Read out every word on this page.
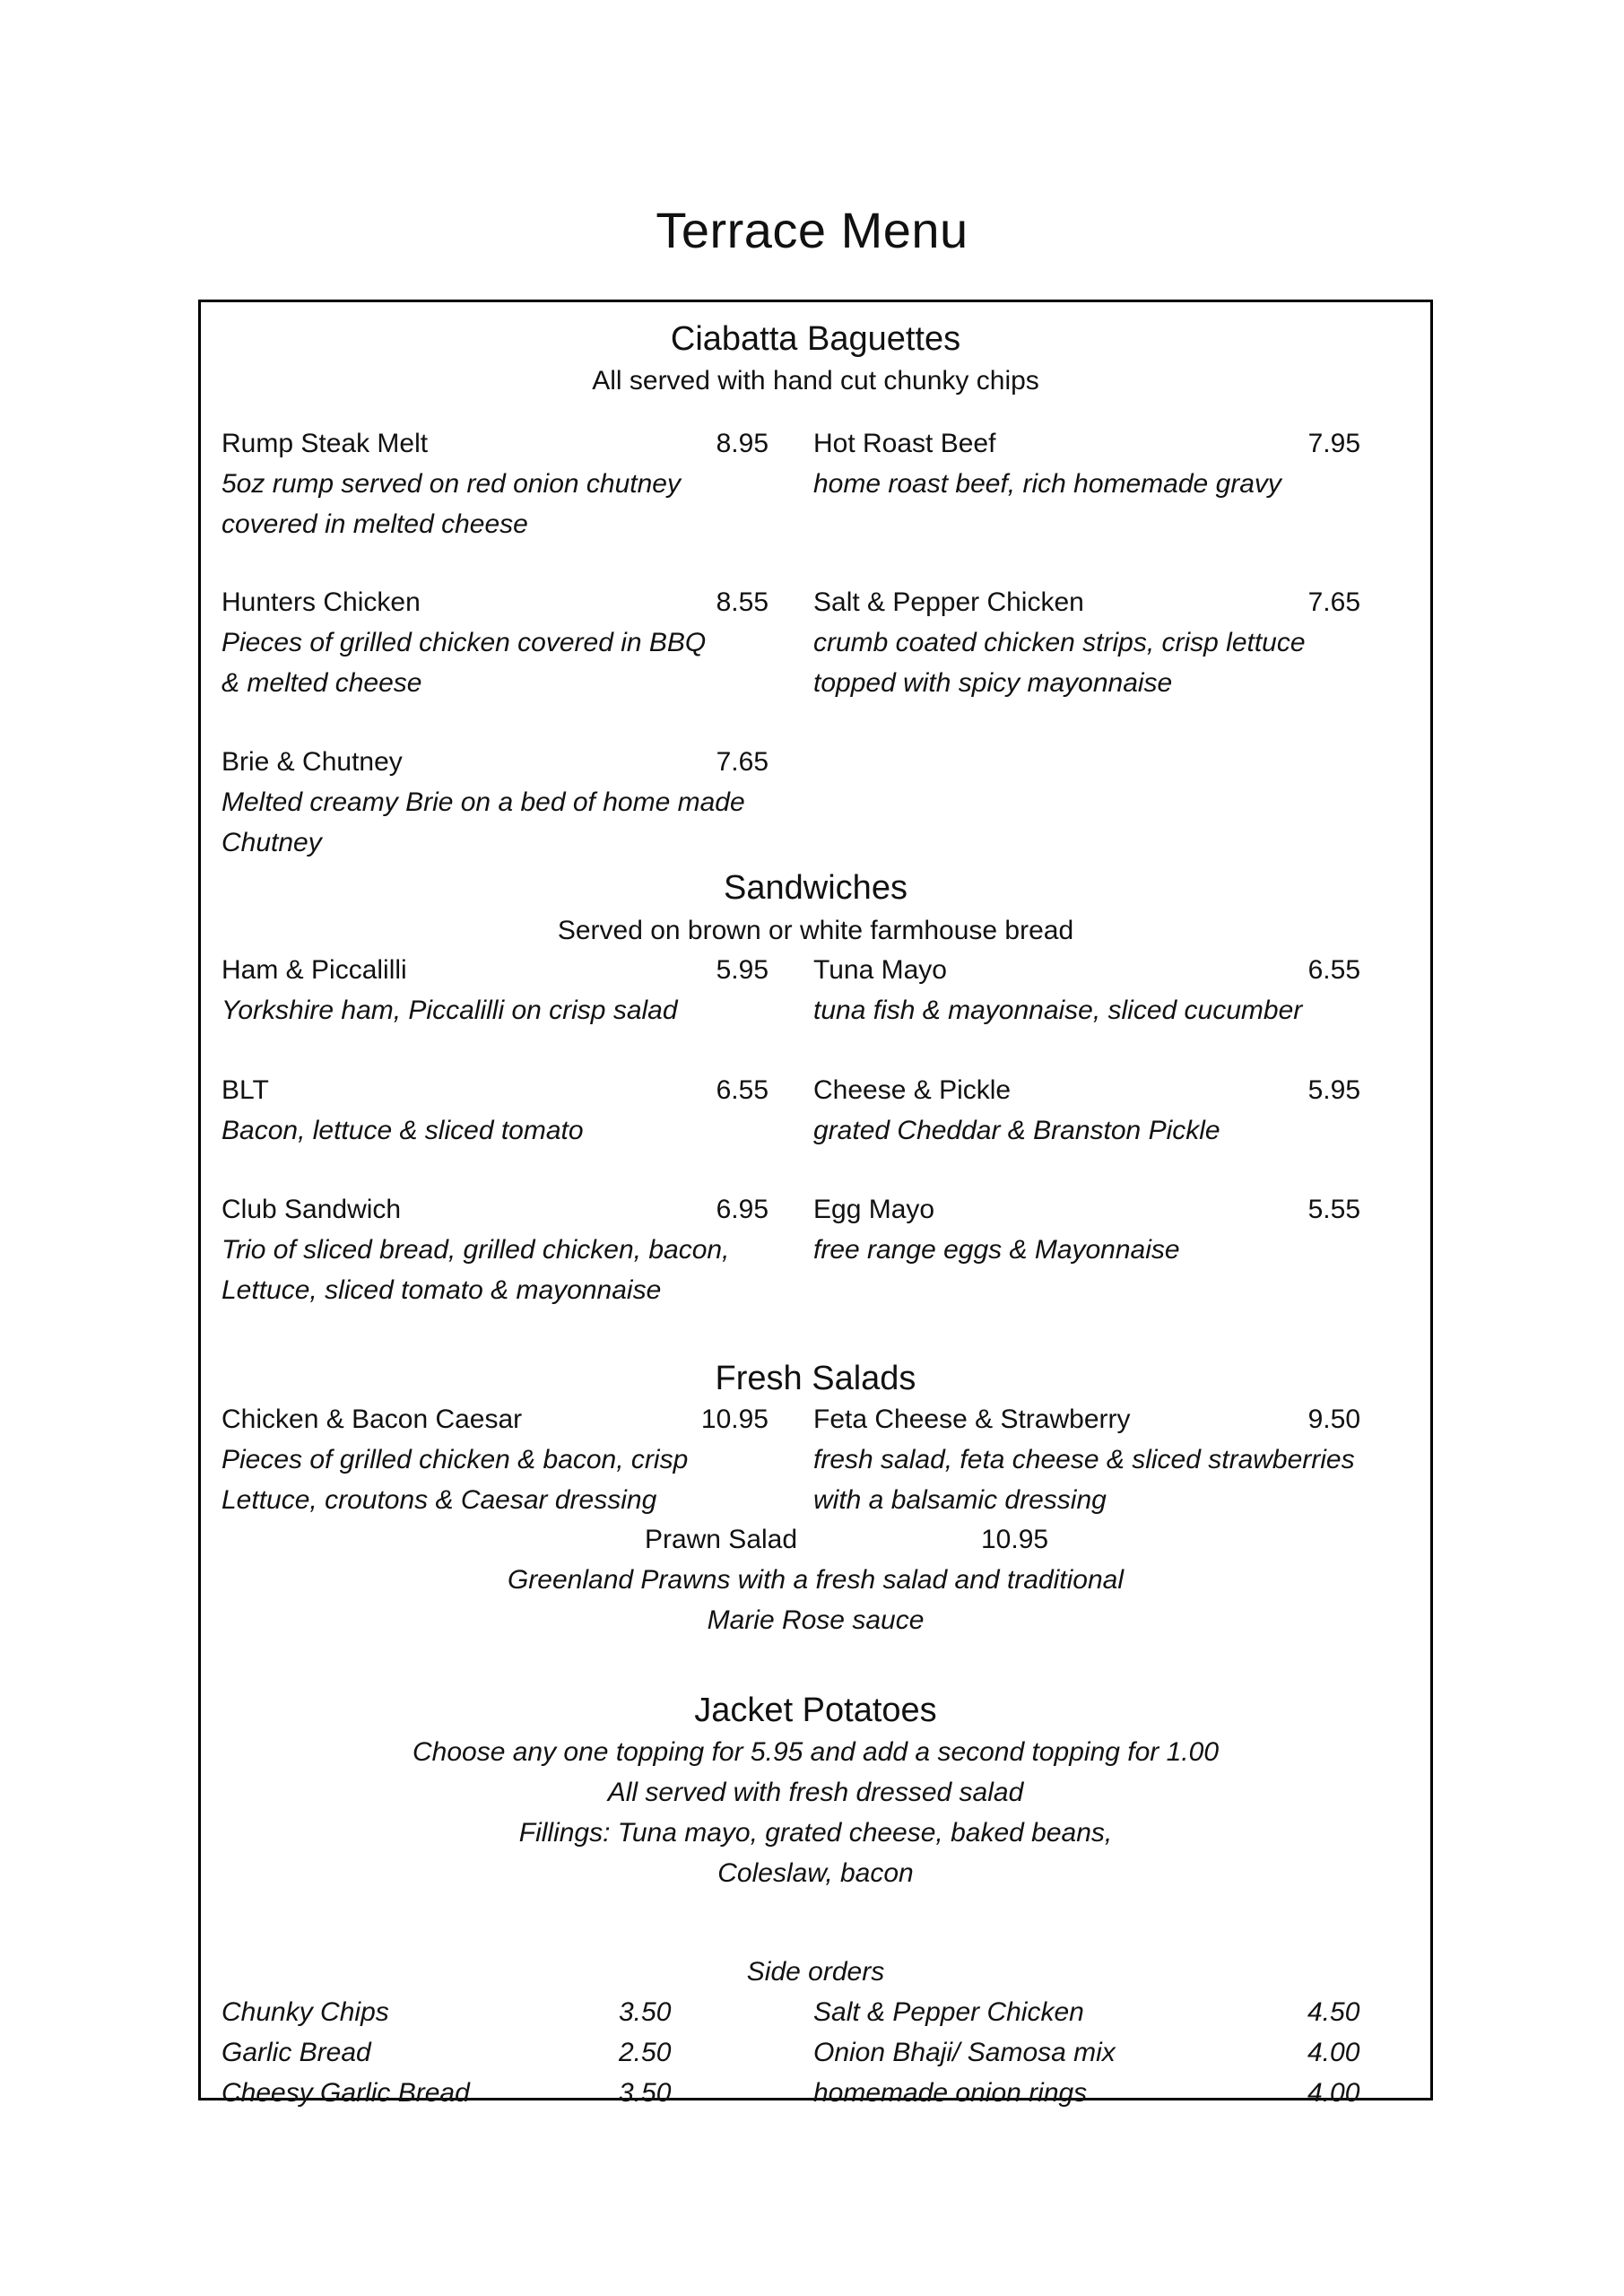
Terrace Menu
Ciabatta Baguettes
All served with hand cut chunky chips
Rump Steak Melt	8.95
5oz rump served on red onion chutney
covered in melted cheese
Hot Roast Beef	7.95
home roast beef, rich homemade gravy
Hunters Chicken	8.55
Pieces of grilled chicken covered in BBQ
& melted cheese
Salt & Pepper Chicken	7.65
crumb coated chicken strips, crisp lettuce
topped with spicy mayonnaise
Brie & Chutney	7.65
Melted creamy Brie on a bed of home made
Chutney
Sandwiches
Served on brown or white farmhouse bread
Ham & Piccalilli	5.95
Yorkshire ham, Piccalilli on crisp salad
Tuna Mayo	6.55
tuna fish & mayonnaise, sliced cucumber
BLT	6.55
Bacon, lettuce & sliced tomato
Cheese & Pickle	5.95
grated Cheddar & Branston Pickle
Club Sandwich	6.95
Trio of sliced bread, grilled chicken, bacon,
Lettuce, sliced tomato & mayonnaise
Egg Mayo	5.55
free range eggs & Mayonnaise
Fresh Salads
Chicken & Bacon Caesar	10.95
Pieces of grilled chicken & bacon, crisp
Lettuce, croutons & Caesar dressing
Feta Cheese & Strawberry	9.50
fresh salad, feta cheese & sliced strawberries
with a balsamic dressing
Prawn Salad	10.95
Greenland Prawns with a fresh salad and traditional
Marie Rose sauce
Jacket Potatoes
Choose any one topping for 5.95 and add a second topping for 1.00
All served with fresh dressed salad
Fillings: Tuna mayo, grated cheese, baked beans,
Coleslaw, bacon
Side orders
Chunky Chips	3.50
Garlic Bread	2.50
Cheesy Garlic Bread	3.50
Salt & Pepper Chicken	4.50
Onion Bhaji/ Samosa mix	4.00
homemade onion rings	4.00
